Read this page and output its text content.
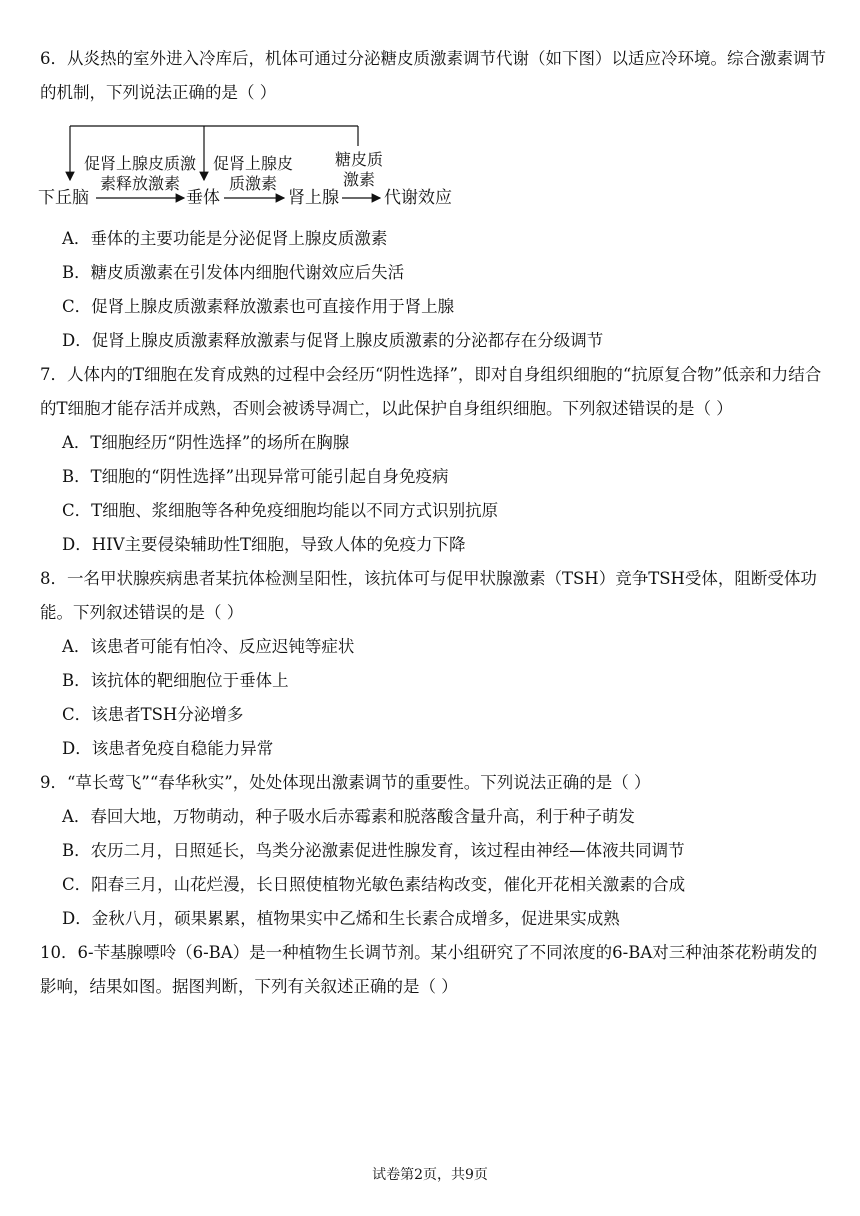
6．从炎热的室外进入冷库后，机体可通过分泌糖皮质激素调节代谢（如下图）以适应冷环境。综合激素调节的机制，下列说法正确的是（ ）
促肾上腺皮质激
素释放激素
促肾上腺皮
质激素
糖皮质
激素
下丘脑	垂体	肾上腺	代谢效应
A．垂体的主要功能是分泌促肾上腺皮质激素
B．糖皮质激素在引发体内细胞代谢效应后失活
C．促肾上腺皮质激素释放激素也可直接作用于肾上腺
D．促肾上腺皮质激素释放激素与促肾上腺皮质激素的分泌都存在分级调节
7．人体内的T细胞在发育成熟的过程中会经历“阴性选择”，即对自身组织细胞的“抗原复合物”低亲和力结合的T细胞才能存活并成熟，否则会被诱导凋亡，以此保护自身组织细胞。下列叙述错误的是（ ）
A．T细胞经历“阴性选择”的场所在胸腺
B．T细胞的“阴性选择”出现异常可能引起自身免疫病
C．T细胞、浆细胞等各种免疫细胞均能以不同方式识别抗原
D．HIV主要侵染辅助性T细胞，导致人体的免疫力下降
8．一名甲状腺疾病患者某抗体检测呈阳性，该抗体可与促甲状腺激素（TSH）竞争TSH受体，阻断受体功能。下列叙述错误的是（ ）
A．该患者可能有怕冷、反应迟钝等症状
B．该抗体的靶细胞位于垂体上
C．该患者TSH分泌增多
D．该患者免疫自稳能力异常
9．“草长莺飞”“春华秋实”，处处体现出激素调节的重要性。下列说法正确的是（ ）
A．春回大地，万物萌动，种子吸水后赤霉素和脱落酸含量升高，利于种子萌发
B．农历二月，日照延长，鸟类分泌激素促进性腺发育，该过程由神经—体液共同调节
C．阳春三月，山花烂漫，长日照使植物光敏色素结构改变，催化开花相关激素的合成
D．金秋八月，硕果累累，植物果实中乙烯和生长素合成增多，促进果实成熟
10．6-苄基腺嘌呤（6-BA）是一种植物生长调节剂。某小组研究了不同浓度的6-BA对三种油茶花粉萌发的影响，结果如图。据图判断，下列有关叙述正确的是（ ）
试卷第2页，共9页
